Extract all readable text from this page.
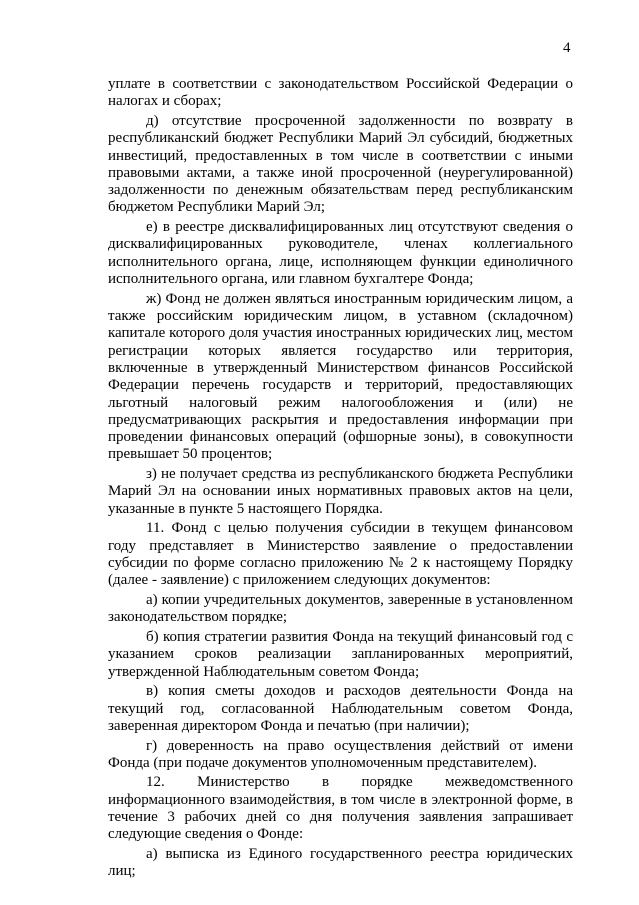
4

уплате в соответствии с законодательством Российской Федерации о налогах и сборах;

д) отсутствие просроченной задолженности по возврату в республиканский бюджет Республики Марий Эл субсидий, бюджетных инвестиций, предоставленных в том числе в соответствии с иными правовыми актами, а также иной просроченной (неурегулированной) задолженности по денежным обязательствам перед республиканским бюджетом Республики Марий Эл;

е) в реестре дисквалифицированных лиц отсутствуют сведения о дисквалифицированных руководителе, членах коллегиального исполнительного органа, лице, исполняющем функции единоличного исполнительного органа, или главном бухгалтере Фонда;

ж) Фонд не должен являться иностранным юридическим лицом, а также российским юридическим лицом, в уставном (складочном) капитале которого доля участия иностранных юридических лиц, местом регистрации которых является государство или территория, включенные в утвержденный Министерством финансов Российской Федерации перечень государств и территорий, предоставляющих льготный налоговый режим налогообложения и (или) не предусматривающих раскрытия и предоставления информации при проведении финансовых операций (офшорные зоны), в совокупности превышает 50 процентов;

з) не получает средства из республиканского бюджета Республики Марий Эл на основании иных нормативных правовых актов на цели, указанные в пункте 5 настоящего Порядка.

11. Фонд с целью получения субсидии в текущем финансовом году представляет в Министерство заявление о предоставлении субсидии по форме согласно приложению № 2 к настоящему Порядку (далее - заявление) с приложением следующих документов:

а) копии учредительных документов, заверенные в установленном законодательством порядке;

б) копия стратегии развития Фонда на текущий финансовый год с указанием сроков реализации запланированных мероприятий, утвержденной Наблюдательным советом Фонда;

в) копия сметы доходов и расходов деятельности Фонда на текущий год, согласованной Наблюдательным советом Фонда, заверенная директором Фонда и печатью (при наличии);

г) доверенность на право осуществления действий от имени Фонда (при подаче документов уполномоченным представителем).

12. Министерство в порядке межведомственного информационного взаимодействия, в том числе в электронной форме, в течение 3 рабочих дней со дня получения заявления запрашивает следующие сведения о Фонде:

а) выписка из Единого государственного реестра юридических лиц;
